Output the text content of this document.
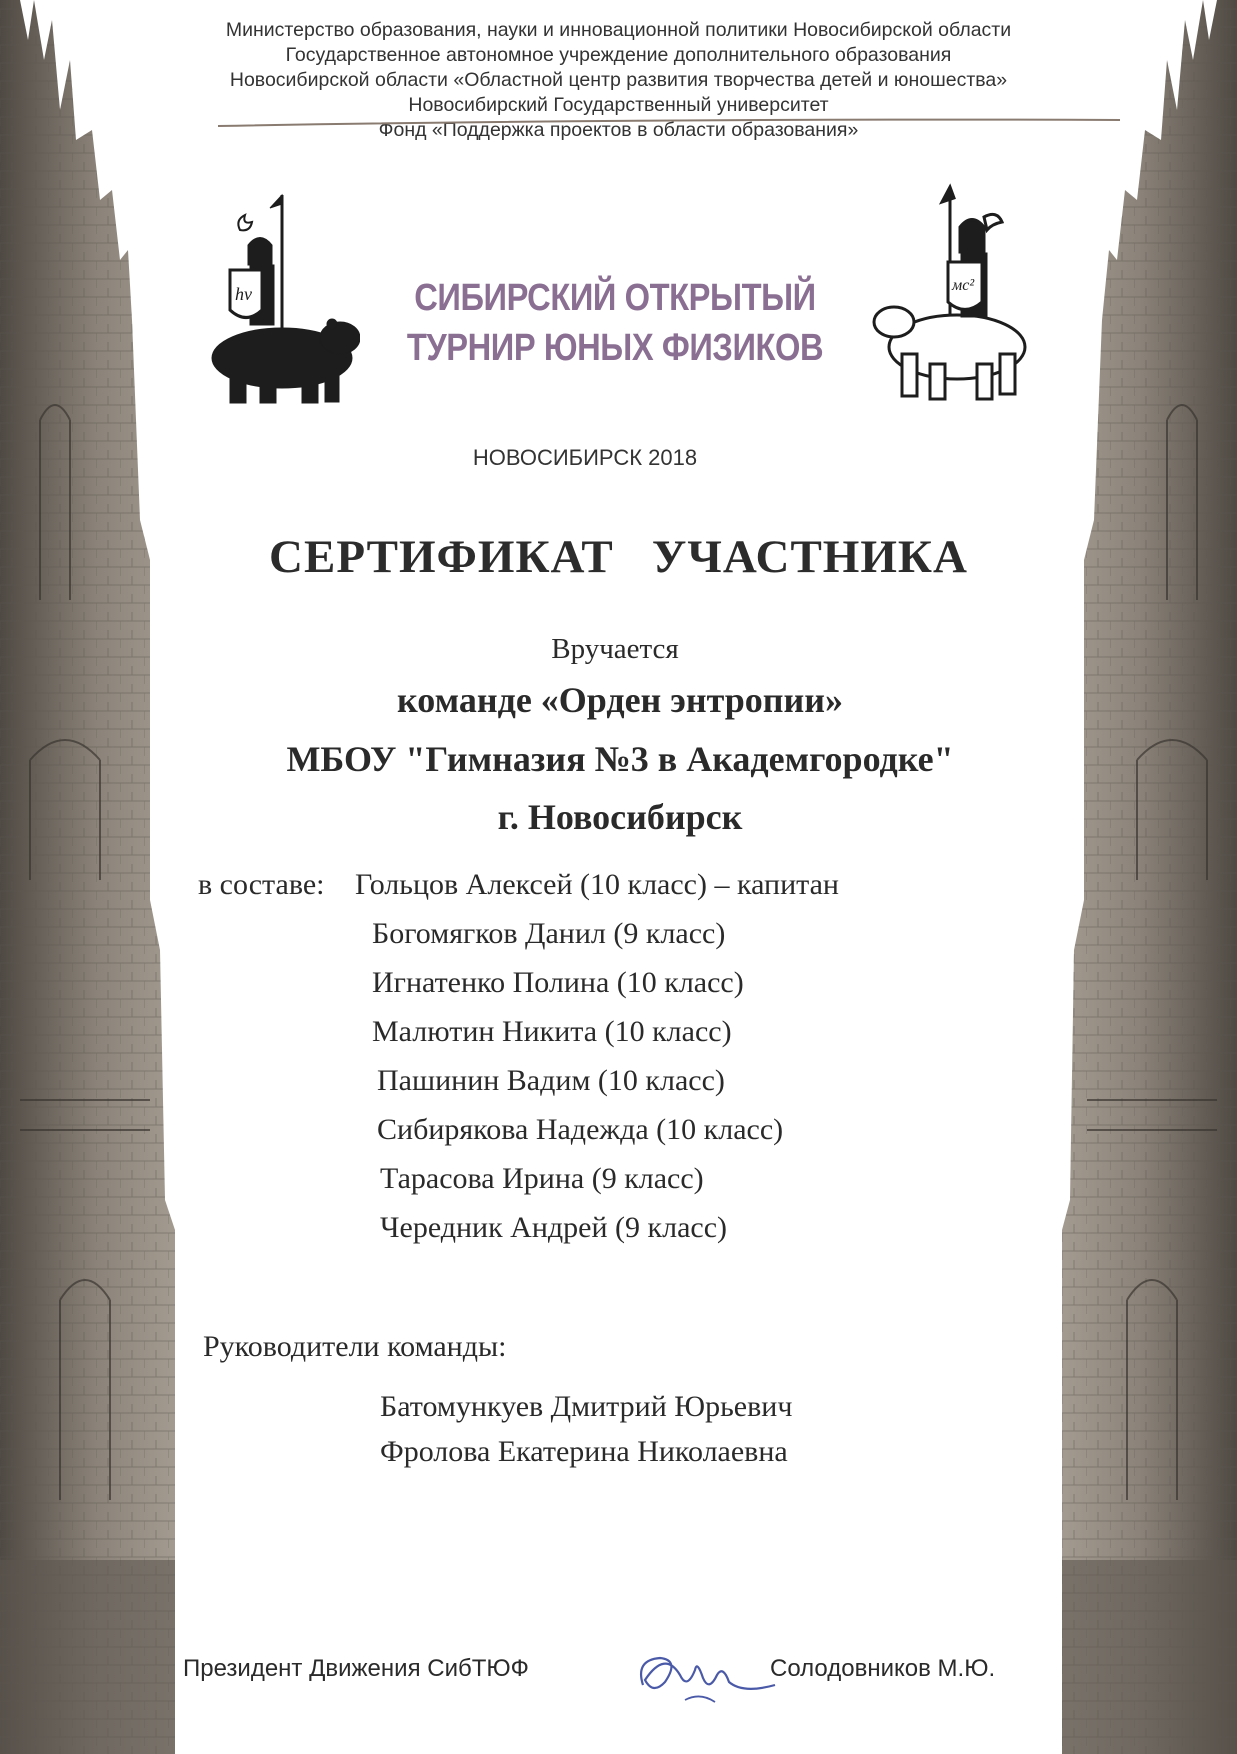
Министерство образования, науки и инновационной политики Новосибирской области
Государственное автономное учреждение дополнительного образования
Новосибирской области «Областной центр развития творчества детей и юношества»
Новосибирский Государственный университет
Фонд «Поддержка проектов в области образования»
hv	мс²
СИБИРСКИЙ ОТКРЫТЫЙ
ТУРНИР ЮНЫХ ФИЗИКОВ
НОВОСИБИРСК 2018
СЕРТИФИКАТ   УЧАСТНИКА
Вручается
команде «Орден энтропии»
МБОУ "Гимназия №3 в Академгородке"
г. Новосибирск
в составе: Гольцов Алексей (10 класс) – капитан
Богомягков Данил (9 класс)
Игнатенко Полина (10 класс)
Малютин Никита (10 класс)
Пашинин Вадим (10 класс)
Сибирякова Надежда (10 класс)
Тарасова Ирина (9 класс)
Чередник Андрей (9 класс)
Руководители команды:
Батомункуев Дмитрий Юрьевич
Фролова Екатерина Николаевна
Президент Движения СибТЮФ	Солодовников М.Ю.
